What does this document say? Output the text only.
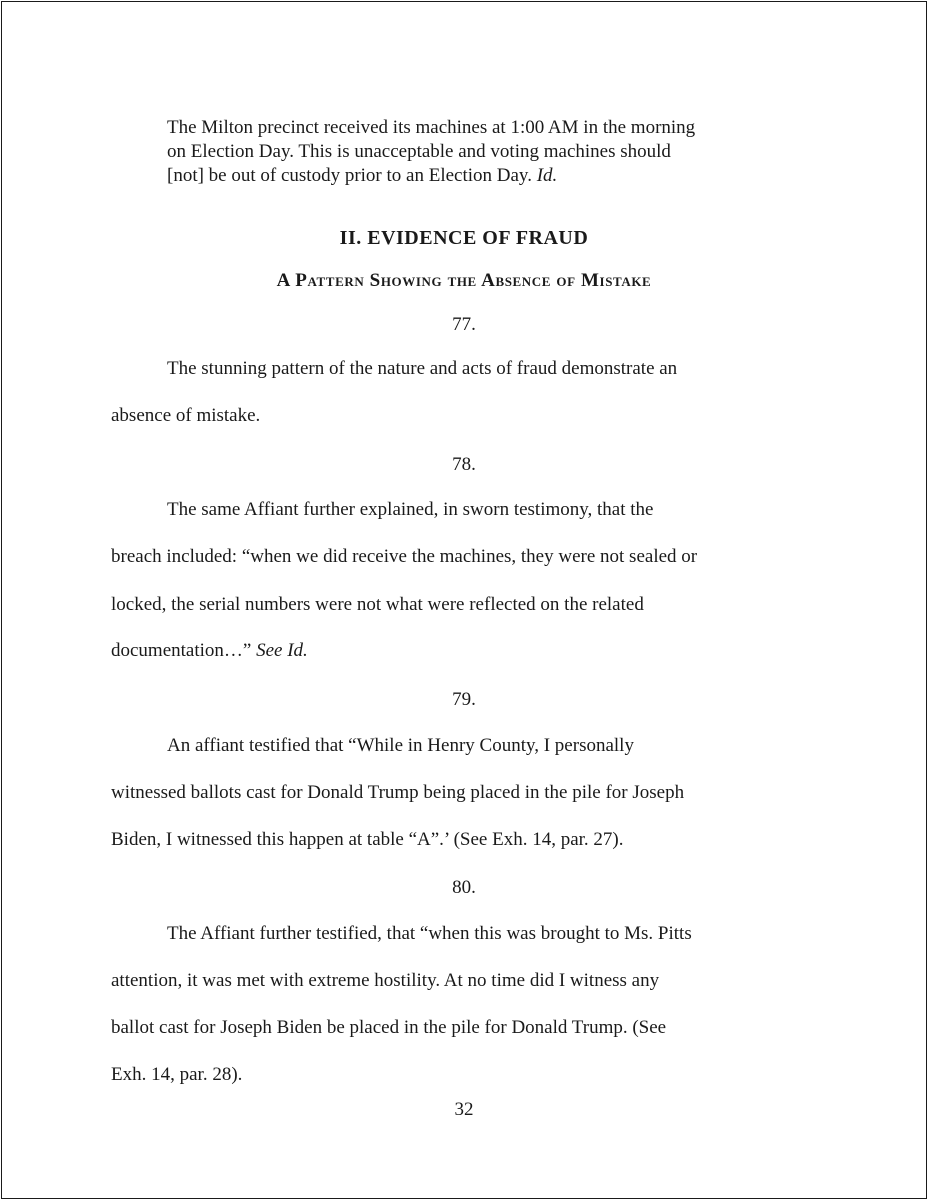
The Milton precinct received its machines at 1:00 AM in the morning
on Election Day. This is unacceptable and voting machines should
[not] be out of custody prior to an Election Day. Id.
II. EVIDENCE OF FRAUD
A Pattern Showing the Absence of Mistake

77.

The stunning pattern of the nature and acts of fraud demonstrate an

absence of mistake.

78.

The same Affiant further explained, in sworn testimony, that the

breach included: “when we did receive the machines, they were not sealed or

locked, the serial numbers were not what were reflected on the related

documentation…” See Id.

79.

An affiant testified that “While in Henry County, I personally

witnessed ballots cast for Donald Trump being placed in the pile for Joseph

Biden, I witnessed this happen at table “A”.’ (See Exh. 14, par. 27).

80.

The Affiant further testified, that “when this was brought to Ms. Pitts

attention, it was met with extreme hostility. At no time did I witness any

ballot cast for Joseph Biden be placed in the pile for Donald Trump. (See

Exh. 14, par. 28).

32
